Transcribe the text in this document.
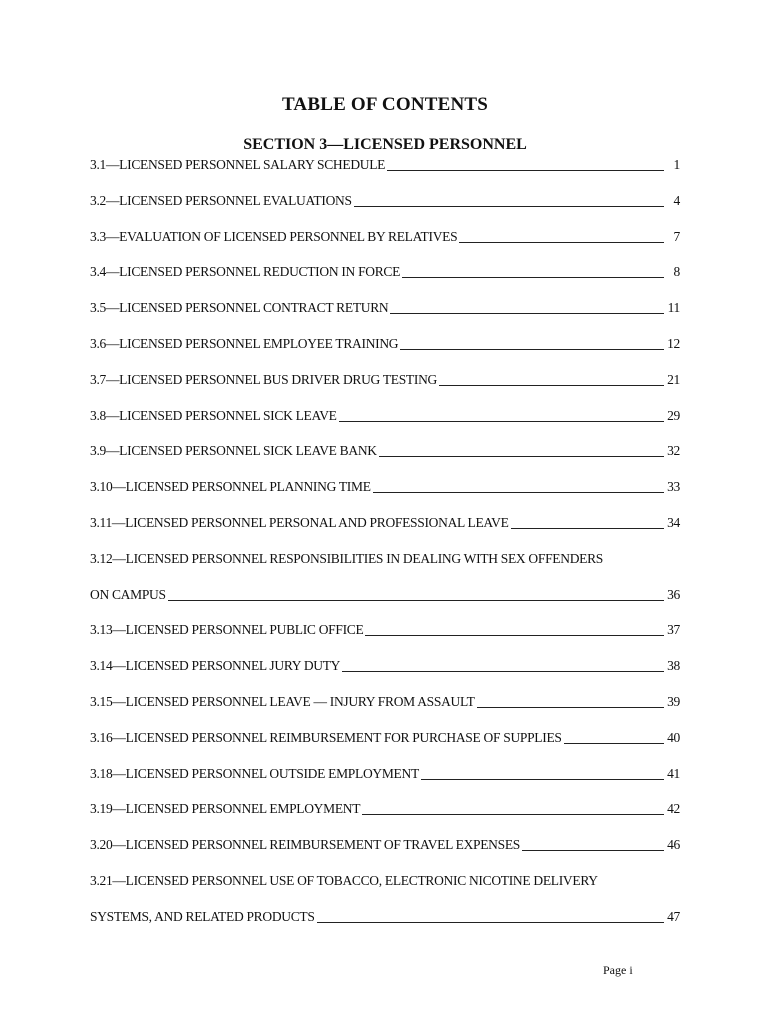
TABLE OF CONTENTS
SECTION 3—LICENSED PERSONNEL
3.1—LICENSED PERSONNEL SALARY SCHEDULE	1
3.2—LICENSED PERSONNEL EVALUATIONS	4
3.3—EVALUATION OF LICENSED PERSONNEL BY RELATIVES	7
3.4—LICENSED PERSONNEL REDUCTION IN FORCE	8
3.5—LICENSED PERSONNEL CONTRACT RETURN	11
3.6—LICENSED PERSONNEL EMPLOYEE TRAINING	12
3.7—LICENSED PERSONNEL BUS DRIVER DRUG TESTING	21
3.8—LICENSED PERSONNEL SICK LEAVE	29
3.9—LICENSED PERSONNEL SICK LEAVE BANK	32
3.10—LICENSED PERSONNEL PLANNING TIME	33
3.11—LICENSED PERSONNEL PERSONAL AND PROFESSIONAL LEAVE	34
3.12—LICENSED PERSONNEL RESPONSIBILITIES IN DEALING WITH SEX OFFENDERS
ON CAMPUS	36
3.13—LICENSED PERSONNEL PUBLIC OFFICE	37
3.14—LICENSED PERSONNEL JURY DUTY	38
3.15—LICENSED PERSONNEL LEAVE — INJURY FROM ASSAULT	39
3.16—LICENSED PERSONNEL REIMBURSEMENT FOR PURCHASE OF SUPPLIES	40
3.18—LICENSED PERSONNEL OUTSIDE EMPLOYMENT	41
3.19—LICENSED PERSONNEL EMPLOYMENT	42
3.20—LICENSED PERSONNEL REIMBURSEMENT OF TRAVEL EXPENSES	46
3.21—LICENSED PERSONNEL USE OF TOBACCO, ELECTRONIC NICOTINE DELIVERY
SYSTEMS, AND RELATED PRODUCTS	47
Page i
